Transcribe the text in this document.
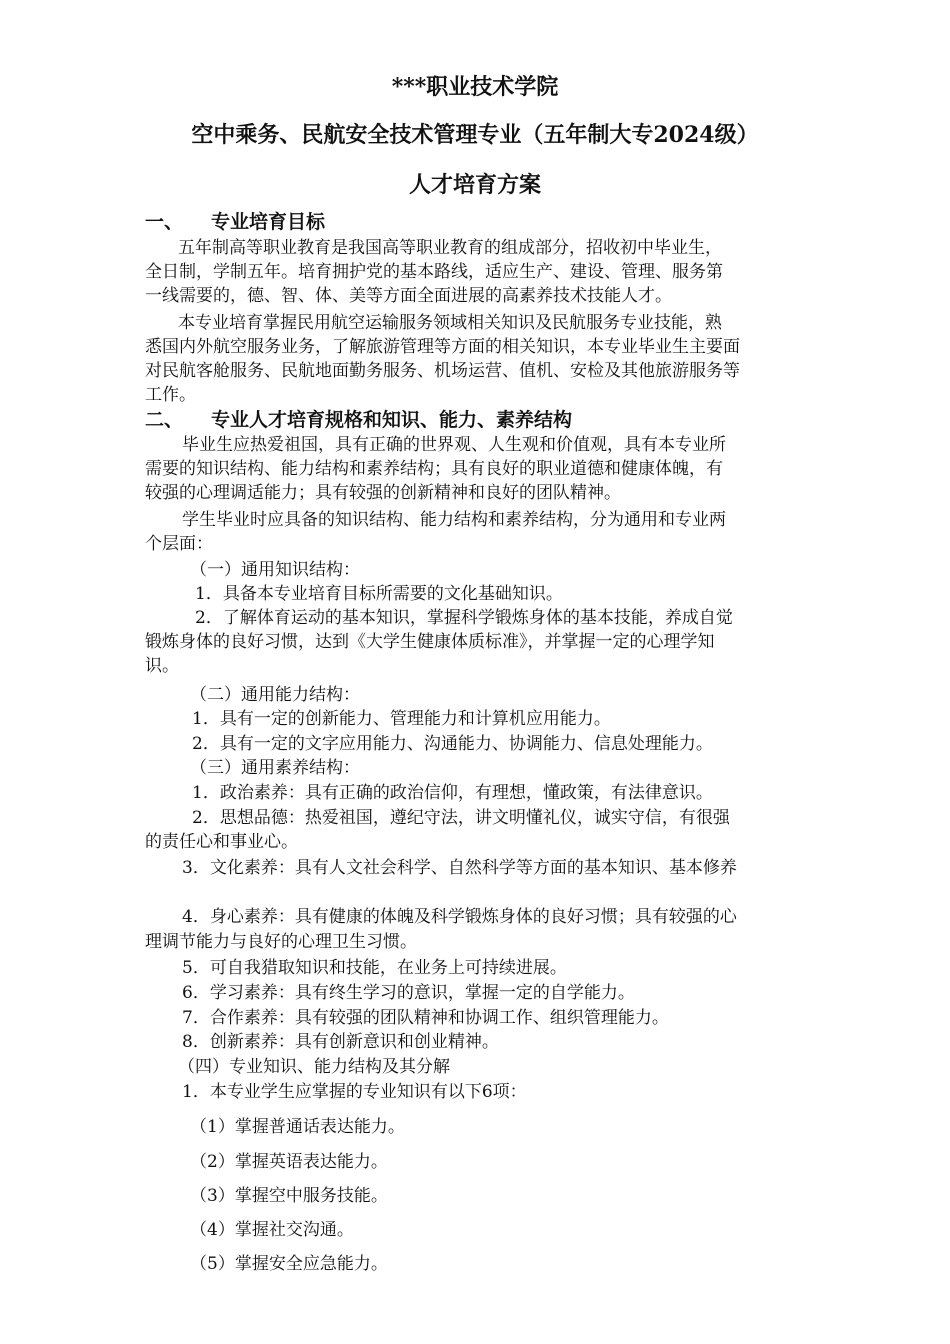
***职业技术学院
空中乘务、民航安全技术管理专业（五年制大专2024级）
人才培育方案
一、 专业培育目标
五年制高等职业教育是我国高等职业教育的组成部分，招收初中毕业生，
全日制，学制五年。培育拥护党的基本路线，适应生产、建设、管理、服务第
一线需要的，德、智、体、美等方面全面进展的高素养技术技能人才。
本专业培育掌握民用航空运输服务领域相关知识及民航服务专业技能，熟
悉国内外航空服务业务，了解旅游管理等方面的相关知识，本专业毕业生主要面
对民航客舱服务、民航地面勤务服务、机场运营、值机、安检及其他旅游服务等
工作。
二、 专业人才培育规格和知识、能力、素养结构
毕业生应热爱祖国，具有正确的世界观、人生观和价值观，具有本专业所
需要的知识结构、能力结构和素养结构；具有良好的职业道德和健康体魄，有
较强的心理调适能力；具有较强的创新精神和良好的团队精神。
学生毕业时应具备的知识结构、能力结构和素养结构，分为通用和专业两
个层面：
（一）通用知识结构：
1．具备本专业培育目标所需要的文化基础知识。
2．了解体育运动的基本知识，掌握科学锻炼身体的基本技能，养成自觉
锻炼身体的良好习惯，达到《大学生健康体质标准》，并掌握一定的心理学知
识。
（二）通用能力结构：
1．具有一定的创新能力、管理能力和计算机应用能力。
2．具有一定的文字应用能力、沟通能力、协调能力、信息处理能力。
（三）通用素养结构：
1．政治素养：具有正确的政治信仰，有理想，懂政策，有法律意识。
2．思想品德：热爱祖国，遵纪守法，讲文明懂礼仪，诚实守信，有很强
的责任心和事业心。
3．文化素养：具有人文社会科学、自然科学等方面的基本知识、基本修养
4．身心素养：具有健康的体魄及科学锻炼身体的良好习惯；具有较强的心
理调节能力与良好的心理卫生习惯。
5．可自我猎取知识和技能，在业务上可持续进展。
6．学习素养：具有终生学习的意识，掌握一定的自学能力。
7．合作素养：具有较强的团队精神和协调工作、组织管理能力。
8．创新素养：具有创新意识和创业精神。
（四）专业知识、能力结构及其分解
1．本专业学生应掌握的专业知识有以下6项：
（1）掌握普通话表达能力。
（2）掌握英语表达能力。
（3）掌握空中服务技能。
（4）掌握社交沟通。
（5）掌握安全应急能力。
